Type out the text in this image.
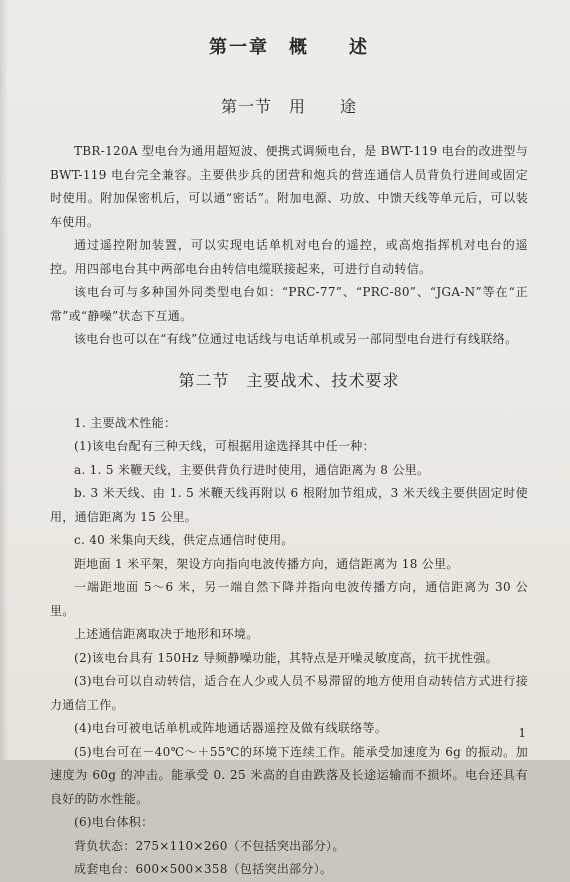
第一章　概　　述
第一节　用　　途

TBR-120A 型电台为通用超短波、便携式调频电台，是 BWT-119 电台的改进型与 BWT-119 电台完全兼容。主要供步兵的团营和炮兵的营连通信人员背负行进间或固定时使用。附加保密机后，可以通“密话”。附加电源、功放、中馈天线等单元后，可以装车使用。

通过遥控附加装置，可以实现电话单机对电台的遥控，或高炮指挥机对电台的遥控。用四部电台其中两部电台由转信电缆联接起来，可进行自动转信。

该电台可与多种国外同类型电台如：“PRC-77”、“PRC-80”、“JGA-N”等在“正常”或“静噪”状态下互通。

该电台也可以在“有线”位通过电话线与电话单机或另一部同型电台进行有线联络。

第二节　主要战术、技术要求

1. 主要战术性能：

(1)该电台配有三种天线，可根据用途选择其中任一种：

a. 1. 5 米鞭天线，主要供背负行进时使用，通信距离为 8 公里。

b. 3 米天线、由 1. 5 米鞭天线再附以 6 根附加节组成，3 米天线主要供固定时使用，通信距离为 15 公里。

c. 40 米集向天线，供定点通信时使用。

距地面 1 米平架，架设方向指向电波传播方向，通信距离为 18 公里。

一端距地面 5～6 米，另一端自然下降并指向电波传播方向，通信距离为 30 公里。

上述通信距离取决于地形和环境。

(2)该电台具有 150Hz 导频静噪功能，其特点是开噪灵敏度高，抗干扰性强。

(3)电台可以自动转信，适合在人少或人员不易滞留的地方使用自动转信方式进行接力通信工作。

(4)电台可被电话单机或阵地通话器遥控及做有线联络等。

(5)电台可在－40℃～＋55℃的环境下连续工作。能承受加速度为 6g 的振动。加速度为 60g 的冲击。能承受 0. 25 米高的自由跌落及长途运输而不损坏。电台还具有良好的防水性能。

(6)电台体积：

背负状态：275×110×260（不包括突出部分）。

成套电台：600×500×358（包括突出部分）。

1
